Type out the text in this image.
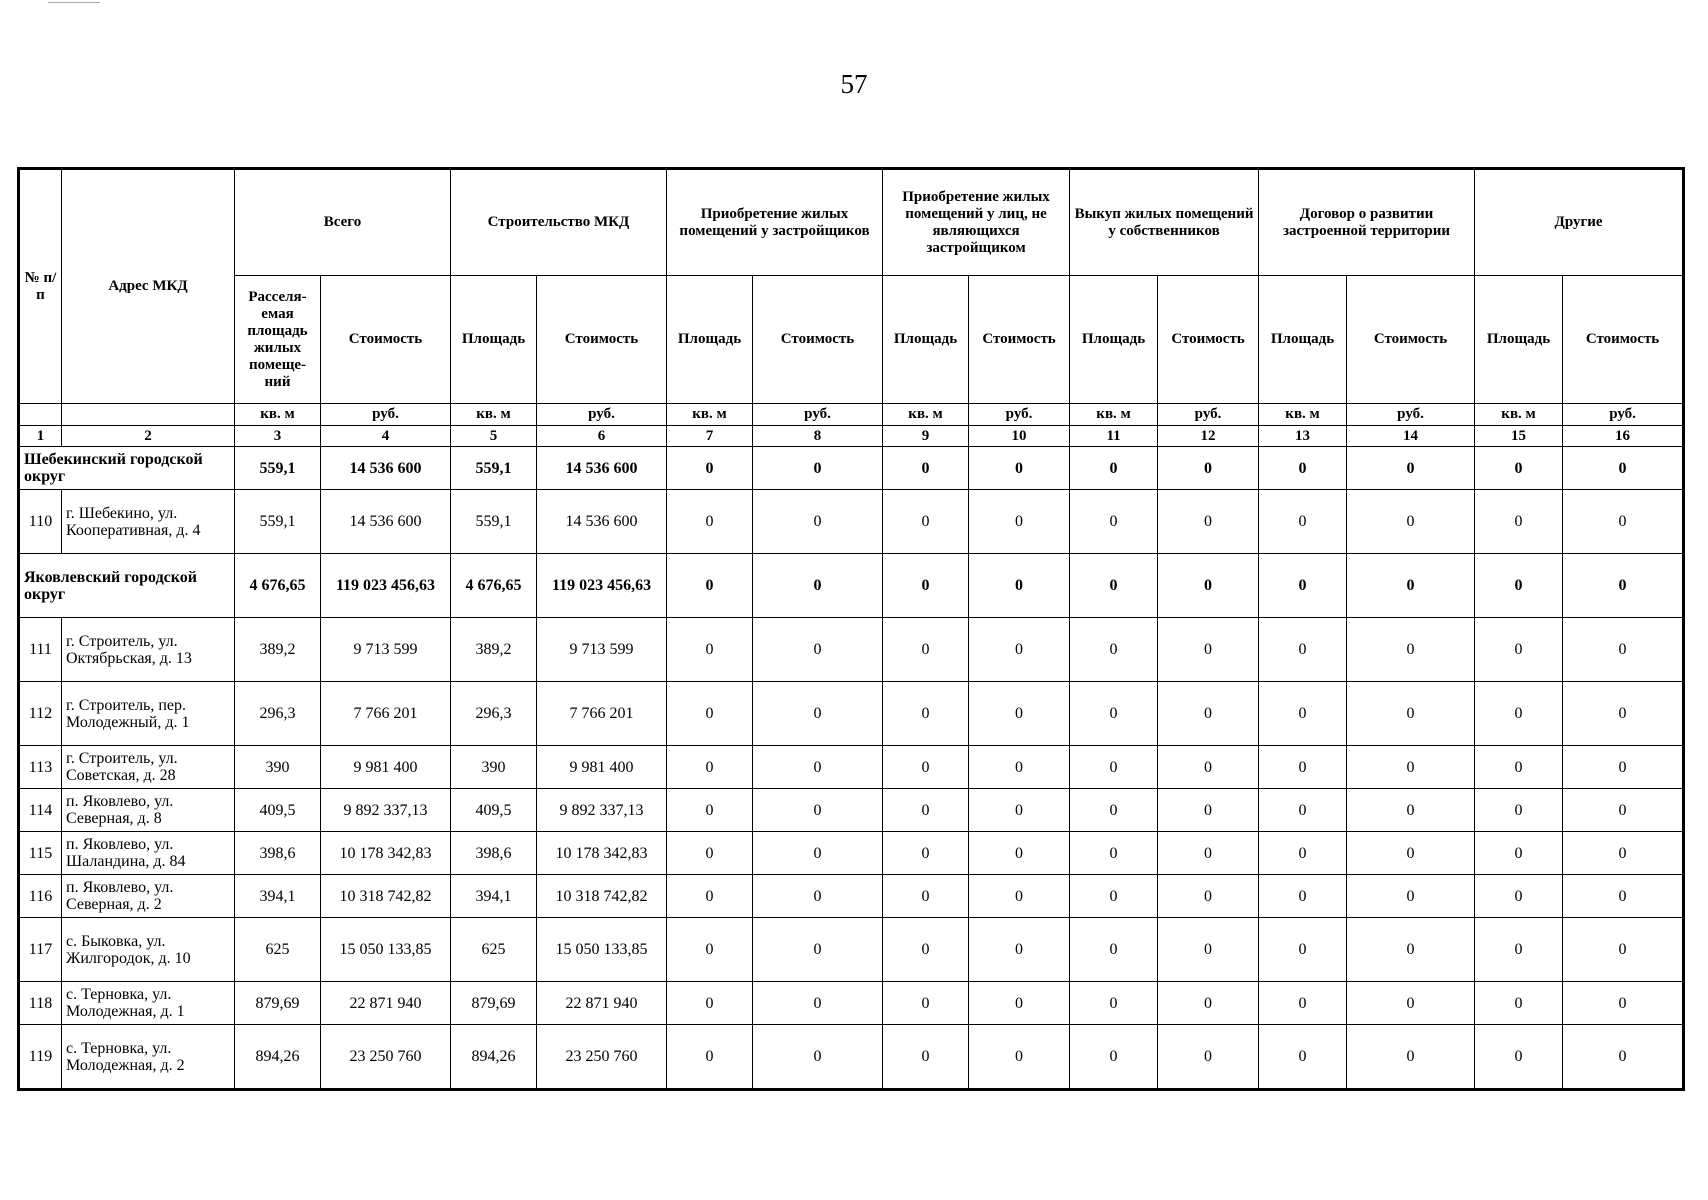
57
№ п/п	Адрес МКД	Всего		Строительство МКД		Приобретение жилых помещений у застройщиков		Приобретение жилых помещений у лиц, не являющихся застройщиком		Выкуп жилых помещений у собственников		Договор о развитии застроенной территории		Другие	
		Расселя-емая площадь жилых помеще-ний	Стоимость	Площадь	Стоимость	Площадь	Стоимость	Площадь	Стоимость	Площадь	Стоимость	Площадь	Стоимость	Площадь	Стоимость
		кв. м	руб.	кв. м	руб.	кв. м	руб.	кв. м	руб.	кв. м	руб.	кв. м	руб.	кв. м	руб.
1	2	3	4	5	6	7	8	9	10	11	12	13	14	15	16
Шебекинский городской округ		559,1	14 536 600	559,1	14 536 600	0	0	0	0	0	0	0	0	0	0
110	г. Шебекино, ул. Кооперативная, д. 4	559,1	14 536 600	559,1	14 536 600	0	0	0	0	0	0	0	0	0	0
Яковлевский городской округ		4 676,65	119 023 456,63	4 676,65	119 023 456,63	0	0	0	0	0	0	0	0	0	0
111	г. Строитель, ул. Октябрьская, д. 13	389,2	9 713 599	389,2	9 713 599	0	0	0	0	0	0	0	0	0	0
112	г. Строитель, пер. Молодежный, д. 1	296,3	7 766 201	296,3	7 766 201	0	0	0	0	0	0	0	0	0	0
113	г. Строитель, ул. Советская, д. 28	390	9 981 400	390	9 981 400	0	0	0	0	0	0	0	0	0	0
114	п. Яковлево, ул. Северная, д. 8	409,5	9 892 337,13	409,5	9 892 337,13	0	0	0	0	0	0	0	0	0	0
115	п. Яковлево, ул. Шаландина, д. 84	398,6	10 178 342,83	398,6	10 178 342,83	0	0	0	0	0	0	0	0	0	0
116	п. Яковлево, ул. Северная, д. 2	394,1	10 318 742,82	394,1	10 318 742,82	0	0	0	0	0	0	0	0	0	0
117	с. Быковка, ул. Жилгородок, д. 10	625	15 050 133,85	625	15 050 133,85	0	0	0	0	0	0	0	0	0	0
118	с. Терновка, ул. Молодежная, д. 1	879,69	22 871 940	879,69	22 871 940	0	0	0	0	0	0	0	0	0	0
119	с. Терновка, ул. Молодежная, д. 2	894,26	23 250 760	894,26	23 250 760	0	0	0	0	0	0	0	0	0	0
